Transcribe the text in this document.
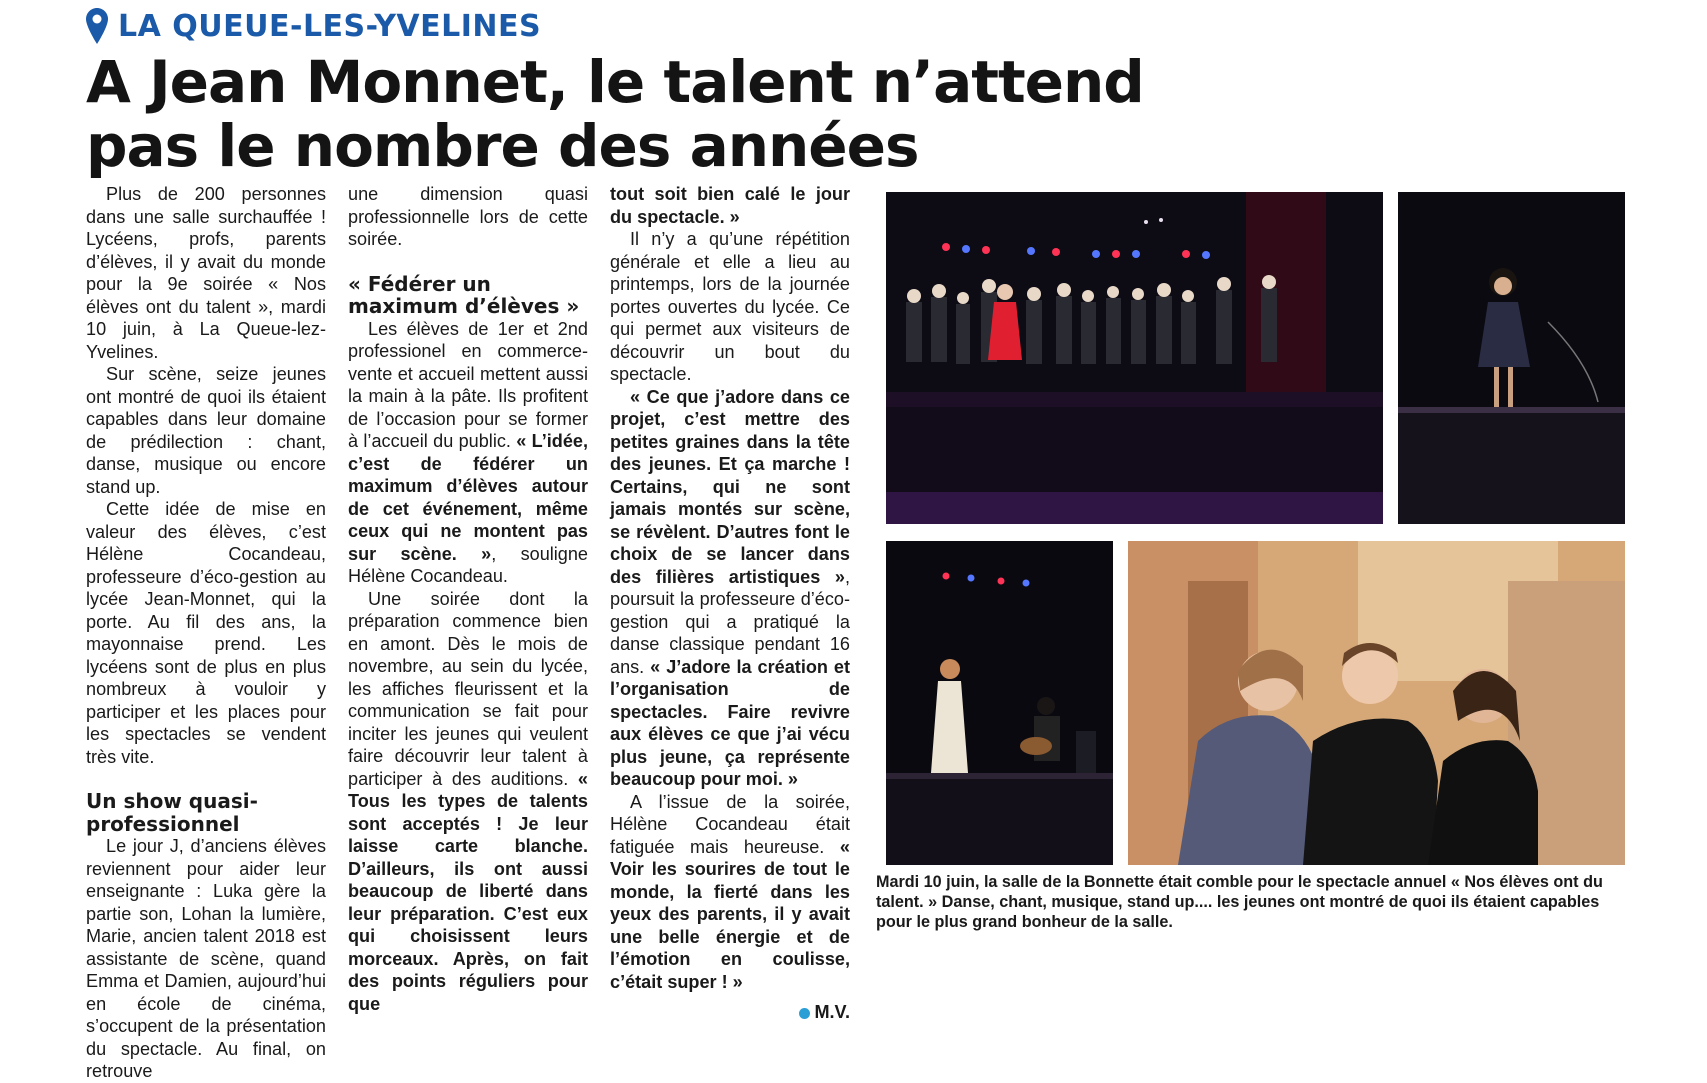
LA QUEUE-LES-YVELINES
A Jean Monnet, le talent n’attend pas le nombre des années

Plus de 200 personnes dans une salle surchauffée ! Lycéens, profs, parents d’élèves, il y avait du monde pour la 9e soirée « Nos élèves ont du talent », mardi 10 juin, à La Queue-lez-Yvelines.

Sur scène, seize jeunes ont montré de quoi ils étaient capables dans leur domaine de prédilection : chant, danse, musique ou encore stand up.

Cette idée de mise en valeur des élèves, c’est Hélène Cocandeau, professeure d’éco-gestion au lycée Jean-Monnet, qui la porte. Au fil des ans, la mayonnaise prend. Les lycéens sont de plus en plus nombreux à vouloir y participer et les places pour les spectacles se vendent très vite.

Un show quasi-professionnel

Le jour J, d’anciens élèves reviennent pour aider leur enseignante : Luka gère la partie son, Lohan la lumière, Marie, ancien talent 2018 est assistante de scène, quand Emma et Damien, aujourd’hui en école de cinéma, s’occupent de la présentation du spectacle. Au final, on retrouve

une dimension quasi professionnelle lors de cette soirée.

« Fédérer un maximum d’élèves »

Les élèves de 1er et 2nd professionel en commerce-vente et accueil mettent aussi la main à la pâte. Ils profitent de l’occasion pour se former à l’accueil du public. « L’idée, c’est de fédérer un maximum d’élèves autour de cet événement, même ceux qui ne montent pas sur scène. », souligne Hélène Cocandeau.

Une soirée dont la préparation commence bien en amont. Dès le mois de novembre, au sein du lycée, les affiches fleurissent et la communication se fait pour inciter les jeunes qui veulent faire découvrir leur talent à participer à des auditions. « Tous les types de talents sont acceptés ! Je leur laisse carte blanche. D’ailleurs, ils ont aussi beaucoup de liberté dans leur préparation. C’est eux qui choisissent leurs morceaux. Après, on fait des points réguliers pour que

tout soit bien calé le jour du spectacle. »

Il n’y a qu’une répétition générale et elle a lieu au printemps, lors de la journée portes ouvertes du lycée. Ce qui permet aux visiteurs de découvrir un bout du spectacle.

« Ce que j’adore dans ce projet, c’est mettre des petites graines dans la tête des jeunes. Et ça marche ! Certains, qui ne sont jamais montés sur scène, se révèlent. D’autres font le choix de se lancer dans des filières artistiques », poursuit la professeure d’éco-gestion qui a pratiqué la danse classique pendant 16 ans. « J’adore la création et l’organisation de spectacles. Faire revivre aux élèves ce que j’ai vécu plus jeune, ça représente beaucoup pour moi. »

A l’issue de la soirée, Hélène Cocandeau était fatiguée mais heureuse. « Voir les sourires de tout le monde, la fierté dans les yeux des parents, il y avait une belle énergie et de l’émotion en coulisse, c’était super ! »

M.V.
Mardi 10 juin, la salle de la Bonnette était comble pour le spectacle annuel « Nos élèves ont du talent. » Danse, chant, musique, stand up.... les jeunes ont montré de quoi ils étaient capables pour le plus grand bonheur de la salle.
